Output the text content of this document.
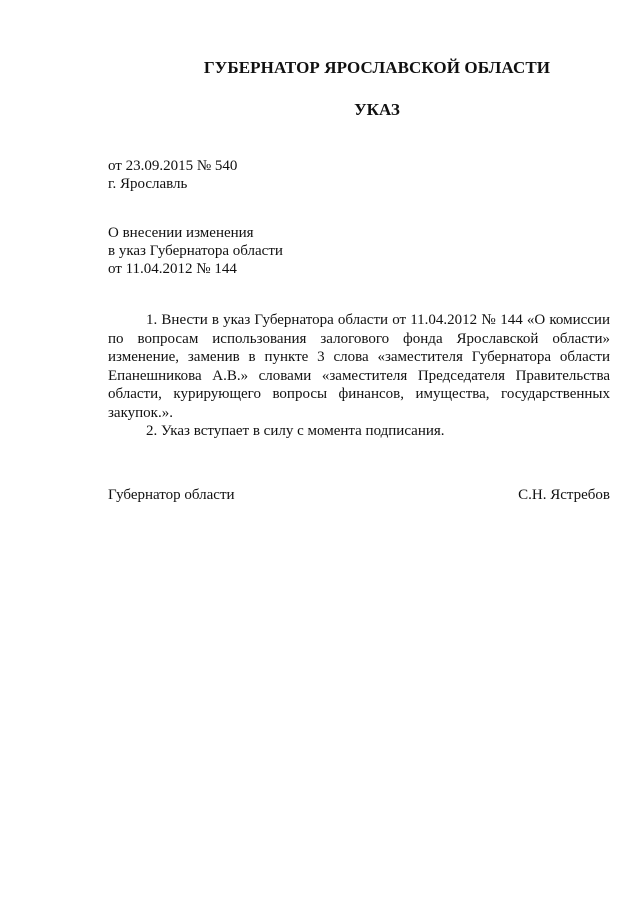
ГУБЕРНАТОР ЯРОСЛАВСКОЙ ОБЛАСТИ
УКАЗ
от 23.09.2015 № 540
г. Ярославль
О внесении изменения
в указ Губернатора области
от 11.04.2012 № 144

1. Внести в указ Губернатора области от 11.04.2012 № 144 «О комиссии по вопросам использования залогового фонда Ярославской области» изменение, заменив в пункте 3 слова «заместителя Губернатора области Епанешникова А.В.» словами «заместителя Председателя Правительства области, курирующего вопросы финансов, имущества, государственных закупок.».

2. Указ вступает в силу с момента подписания.

Губернатор области	С.Н. Ястребов
